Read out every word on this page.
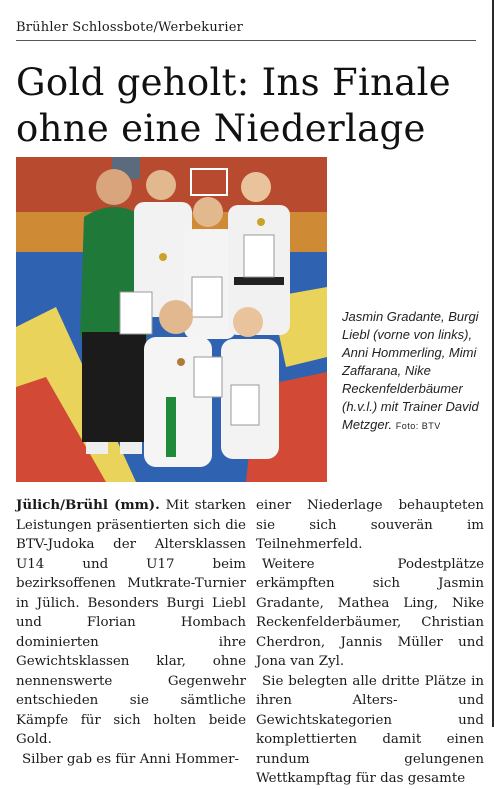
Brühler Schlossbote/Werbekurier
Gold geholt: Ins Finale
ohne eine Niederlage
Jasmin Gradante, Burgi Liebl (vorne von links), Anni Hommerling, Mimi Zaffarana, Nike Reckenfelderbäumer (h.v.l.) mit Trainer David Metzger. Foto: BTV

Jülich/Brühl (mm). Mit starken Leistungen präsentierten sich die BTV-Judoka der Altersklassen U14 und U17 beim bezirksoffenen Mutkrate-Turnier in Jülich. Besonders Burgi Liebl und Florian Hombach dominierten ihre Gewichtsklassen klar, ohne nennenswerte Gegenwehr entschieden sie sämtliche Kämpfe für sich holten beide Gold.

Silber gab es für Anni Hommer-

einer Niederlage behaupteten sie sich souverän im Teilnehmerfeld.

Weitere Podestplätze erkämpften sich Jasmin Gradante, Mathea Ling, Nike Reckenfelderbäumer, Christian Cherdron, Jannis Müller und Jona van Zyl.

Sie belegten alle dritte Plätze in ihren Alters- und Gewichtskategorien und komplettierten damit einen rundum gelungenen Wettkampftag für das gesamte
